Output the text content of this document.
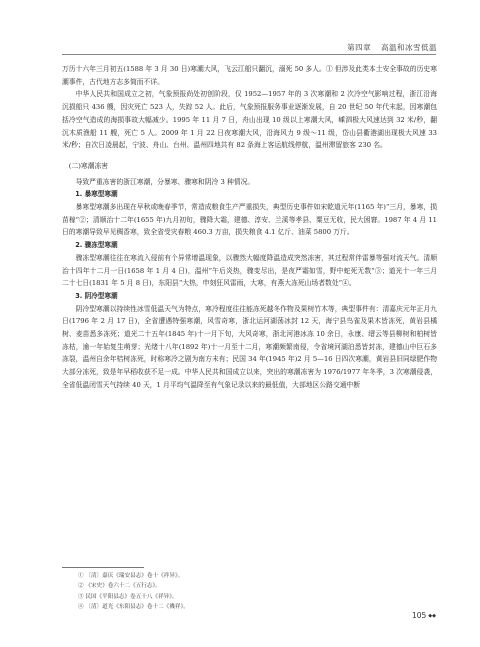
第四章 高温和冰雪低温

万历十六年三月初五(1588 年 3 月 30 日)寒潮大风，飞云江船只翻沉，溺死 50 多人。① 但涉及此类本土安全事故的历史寒潮事件，古代地方志多简而不详。

中华人民共和国成立之初，气象预报尚处初创阶段，仅 1952—1957 年的 3 次寒潮和 2 次冷空气影响过程，浙江沿海沉损船只 436 艘，因灾死亡 523 人，失踪 52 人。此后，气象预报服务事业逐渐发展，自 20 世纪 50 年代末起，因寒潮包括冷空气造成的海损事故大幅减少。1995 年 11 月 7 日，舟山出现 10 级以上寒潮大风，嵊泗极大风速达到 32 米/秒，翻沉木质渔船 11 艘，死亡 5 人。2009 年 1 月 22 日夜寒潮大风，沿海风力 9 级～11 级，岱山县衢港湖出现极大风速 33 米/秒；自次日凌晨起，宁波、舟山、台州、温州四地共有 82 条海上客运航线停航，温州滞留旅客 230 名。

(二)寒潮冻害

导致严重冻害的浙江寒潮，分暴寒、骤寒和阴冷 3 种情况。

1. 暴寒型寒潮

暴寒型寒潮多出现在早秋或晚春季节，常造成粮食生产严重损失，典型历史事件如宋乾道元年(1165 年)“三月，暴寒，损苗稼”②；清顺治十二年(1655 年)九月初旬，骤降大霜，建德、淳安、兰溪等孝县、粟豆无收，民大困窘。1987 年 4 月 11 日的寒潮导致早见稠香寒，致全省受灾春粮 460.3 万亩，损失粮食 4.1 亿斤、油菜 5800 万斤。

2. 骤冻型寒潮

骤冻型寒潮往往在寒流入侵前有个异常增温现象，以骤然大幅度降温造成突然冻害，其过程常伴雷暴等强对流天气。清顺治十四年十二月一日(1658 年 1 月 4 日)，温州“午后炎热，骤变尽出，是夜严霜如雪，野中蛇死无数”③；道光十一年三月二十七日(1831 年 5 月 8 日)，东阳县“大热，申刻狂风雷雨，大寒，有燕大冻死山场者数处”④。

3. 阴冷型寒潮

阴冷型寒潮以持续性冰雪低温天气为特点，寒冷程度往往能冻死越冬作物及果树竹木等，典型事件有：清嘉庆元年正月九日(1796 年 2 月 17 日)，全省遭遇特强寒潮，风雪奇寒，浙北运河湖荡冰封 12 天，海宁县鸟雀及果木皆冻死，黄岩县橘树、麦苗悉多冻死；道光二十五年(1845 年)十一月下旬，大风奇寒，浙北河港冰冻 10 余日，永康、缙云等县柳树和柏树皆冻枯，逾一年始复生萌芽；光绪十八年(1892 年)十一月至十二月，寒潮频繁南侵，令省境河湖泊悉皆封冻，建德山中巨石多冻裂，温州自余年桔树冻死，时称寒冷之剧为南方未有；民国 34 年(1945 年)2 月 5—16 日四次寒潮，黄岩县旧同绿肥作物大部分冻死，致是年早稻收获不足一成。中华人民共和国成立以来，突出的寒潮冻害为 1976/1977 年冬季，3 次寒潮侵袭，全省低温闭雪天气持续 40 天，1 月平均气温降至有气象记录以来的最低值，大部地区公路交通中断

① 〔清〕嘉庆《瑞安县志》卷十《祥异》。
② 《宋史》卷六十二《五行志》。
③ 民国《平阳县志》卷五十八《祥异》。
④ 〔清〕道光《东阳县志》卷十二《禨祥》。
105 ◆◆
